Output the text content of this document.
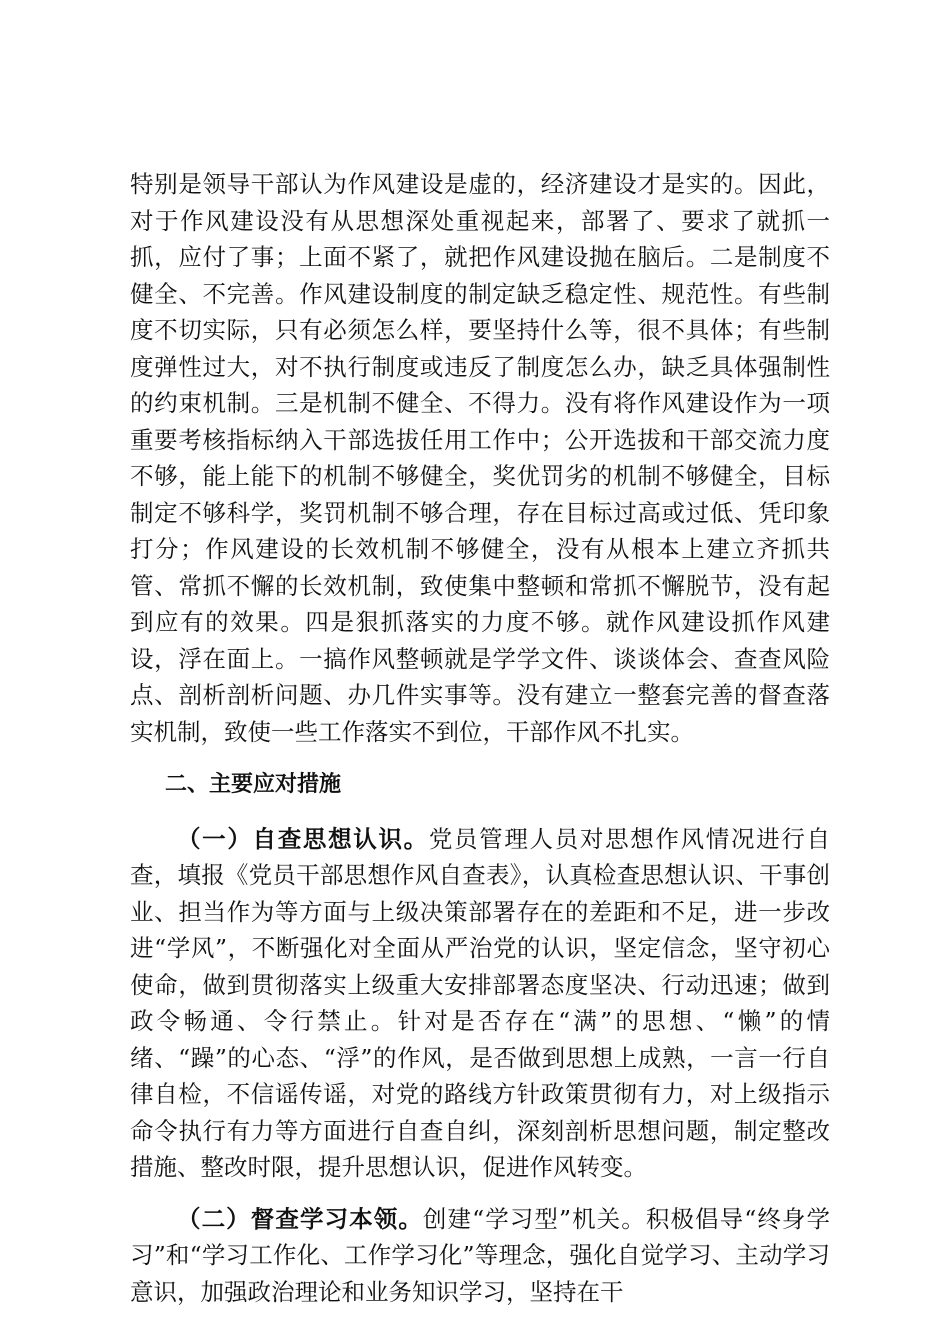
特别是领导干部认为作风建设是虚的，经济建设才是实的。因此，对于作风建设没有从思想深处重视起来，部署了、要求了就抓一抓，应付了事；上面不紧了，就把作风建设抛在脑后。二是制度不健全、不完善。作风建设制度的制定缺乏稳定性、规范性。有些制度不切实际，只有必须怎么样，要坚持什么等，很不具体；有些制度弹性过大，对不执行制度或违反了制度怎么办，缺乏具体强制性的约束机制。三是机制不健全、不得力。没有将作风建设作为一项重要考核指标纳入干部选拔任用工作中；公开选拔和干部交流力度不够，能上能下的机制不够健全，奖优罚劣的机制不够健全，目标制定不够科学，奖罚机制不够合理，存在目标过高或过低、凭印象打分；作风建设的长效机制不够健全，没有从根本上建立齐抓共管、常抓不懈的长效机制，致使集中整顿和常抓不懈脱节，没有起到应有的效果。四是狠抓落实的力度不够。就作风建设抓作风建设，浮在面上。一搞作风整顿就是学学文件、谈谈体会、查查风险点、剖析剖析问题、办几件实事等。没有建立一整套完善的督查落实机制，致使一些工作落实不到位，干部作风不扎实。

二、主要应对措施

（一）自查思想认识。党员管理人员对思想作风情况进行自查，填报《党员干部思想作风自查表》，认真检查思想认识、干事创业、担当作为等方面与上级决策部署存在的差距和不足，进一步改进“学风”，不断强化对全面从严治党的认识，坚定信念，坚守初心使命，做到贯彻落实上级重大安排部署态度坚决、行动迅速；做到政令畅通、令行禁止。针对是否存在“满”的思想、“懒”的情绪、“躁”的心态、“浮”的作风，是否做到思想上成熟，一言一行自律自检，不信谣传谣，对党的路线方针政策贯彻有力，对上级指示命令执行有力等方面进行自查自纠，深刻剖析思想问题，制定整改措施、整改时限，提升思想认识，促进作风转变。

（二）督查学习本领。创建“学习型”机关。积极倡导“终身学习”和“学习工作化、工作学习化”等理念，强化自觉学习、主动学习意识，加强政治理论和业务知识学习，坚持在干
